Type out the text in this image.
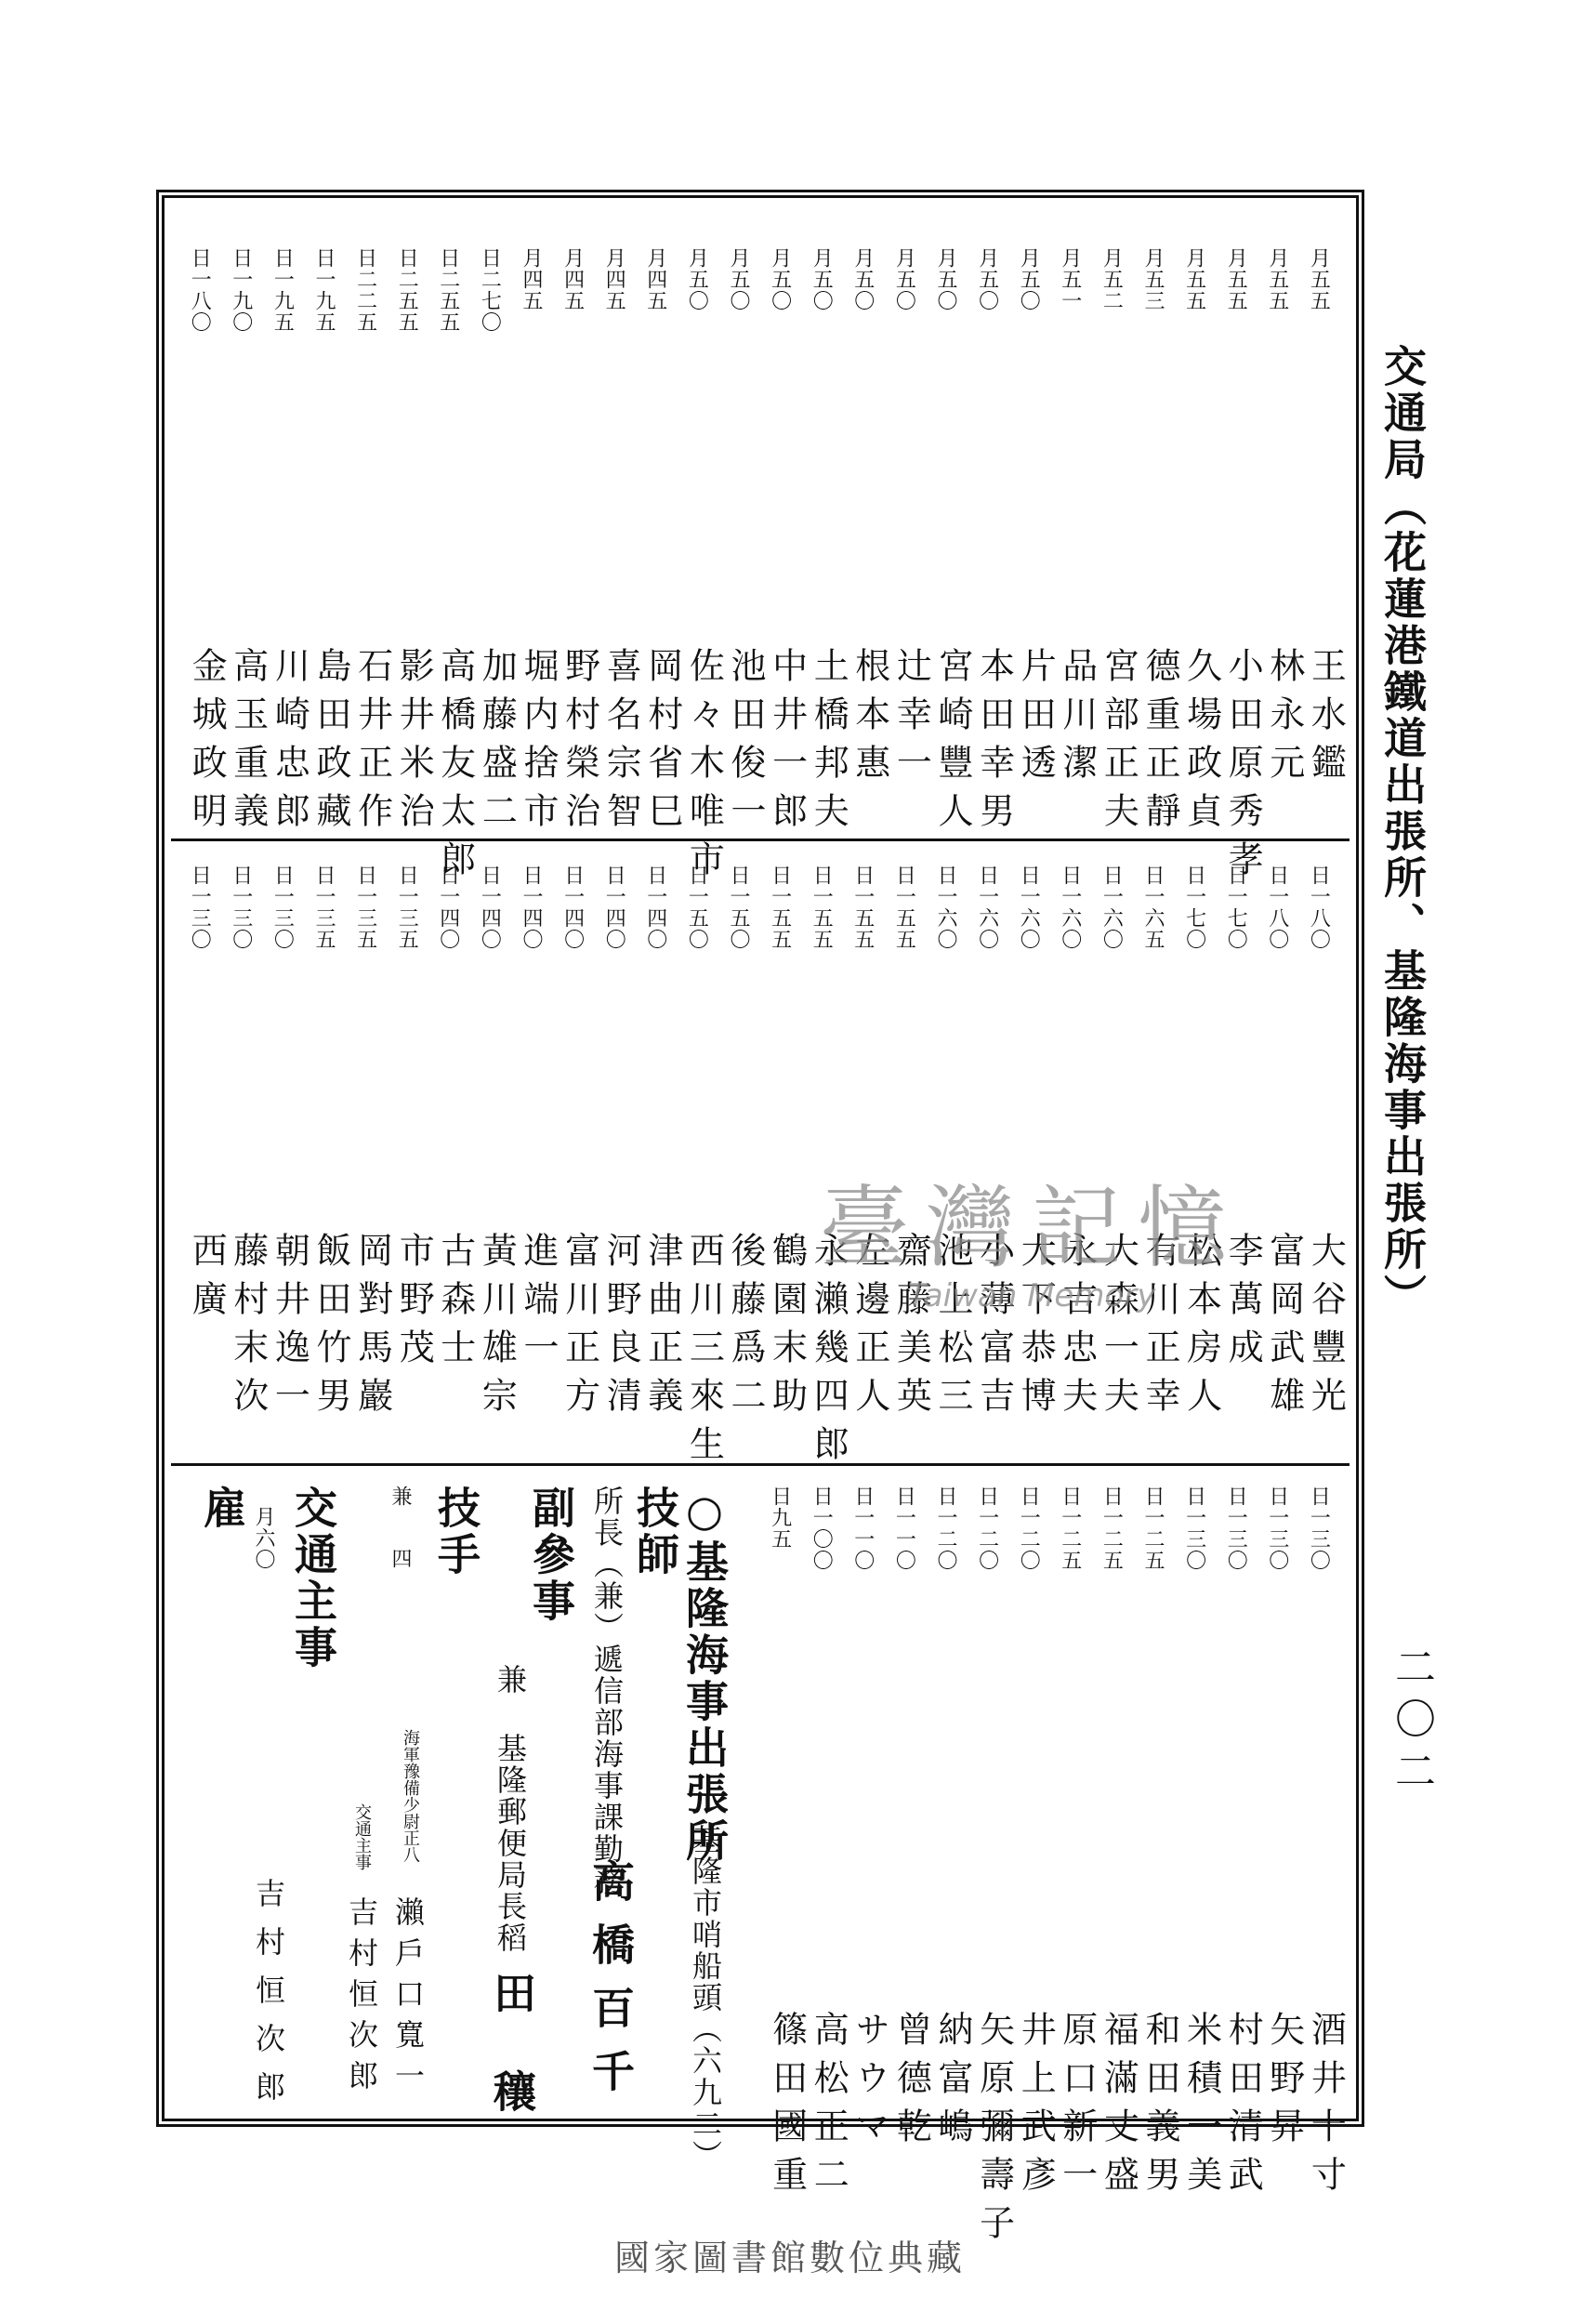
交通局（花蓮港鐵道出張所、基隆海事出張所）
二〇二
月五五
王水鑑
月五五
林永元
月五五
小田原秀孝
月五五
久場政貞
月五三
德重正靜
月五二
宮部正夫
月五一
品川潔
月五〇
片田透
月五〇
本田幸男
月五〇
宮崎豐人
月五〇
辻幸一
月五〇
根本惠
月五〇
土橋邦夫
月五〇
中井一郎
月五〇
池田俊一
月五〇
佐々木唯市
月四五
岡村省巳
月四五
喜名宗智
月四五
野村榮治
月四五
堀内捨市
日二七〇
加藤盛二
日二五五
高橋友太郎
日二五五
影井米治
日二二五
石井正作
日一九五
島田政藏
日一九五
川崎忠郎
日一九〇
高玉重義
日一八〇
金城政明
日一八〇
大谷豐光
日一八〇
富岡武雄
日一七〇
李萬成
日一七〇
松本房人
日一六五
有川正幸
日一六〇
大森一夫
日一六〇
永吉忠夫
日一六〇
大下恭博
日一六〇
小薄富吉
日一六〇
池上松三
日一五五
齋藤美英
日一五五
左邊正人
日一五五
永瀨幾四郎
日一五五
鶴園末助
日一五〇
後藤爲二
日一五〇
西川三來生
日一四〇
津曲正義
日一四〇
河野良清
日一四〇
富川正方
日一四〇
進端一
日一四〇
黃川雄宗
日一四〇
古森士
日一三五
市野茂
日一三五
岡對馬巖
日一三五
飯田竹男
日一三〇
朝井逸一
日一三〇
藤村末次
日一三〇
西廣
日一三〇
酒井十寸
日一三〇
矢野昇
日一三〇
村田清武
日一三〇
米積一美
日一二五
和田義男
日一二五
福滿丈盛
日一二五
原口新一
日一二〇
井上武彥
日一二〇
矢原彌壽子
日一二〇
納富嶋
日一一〇
曾德乾
日一一〇
サウマ
日一〇〇
高松正二
日九五
篠田國重
○基隆海事出張所
基隆市哨船頭（六九二）
技師
所長（兼）遞信部海事課勤務
高橋百千
副參事
兼 基隆郵便局長稻
田穰
技手
兼 四
海軍豫備少尉正八
瀨戶口寬一
交通主事
吉村恒次郎
交通主事
月六〇
吉村恒次郎
雇
臺灣記憶
Taiwan Memory
國家圖書館數位典藏
